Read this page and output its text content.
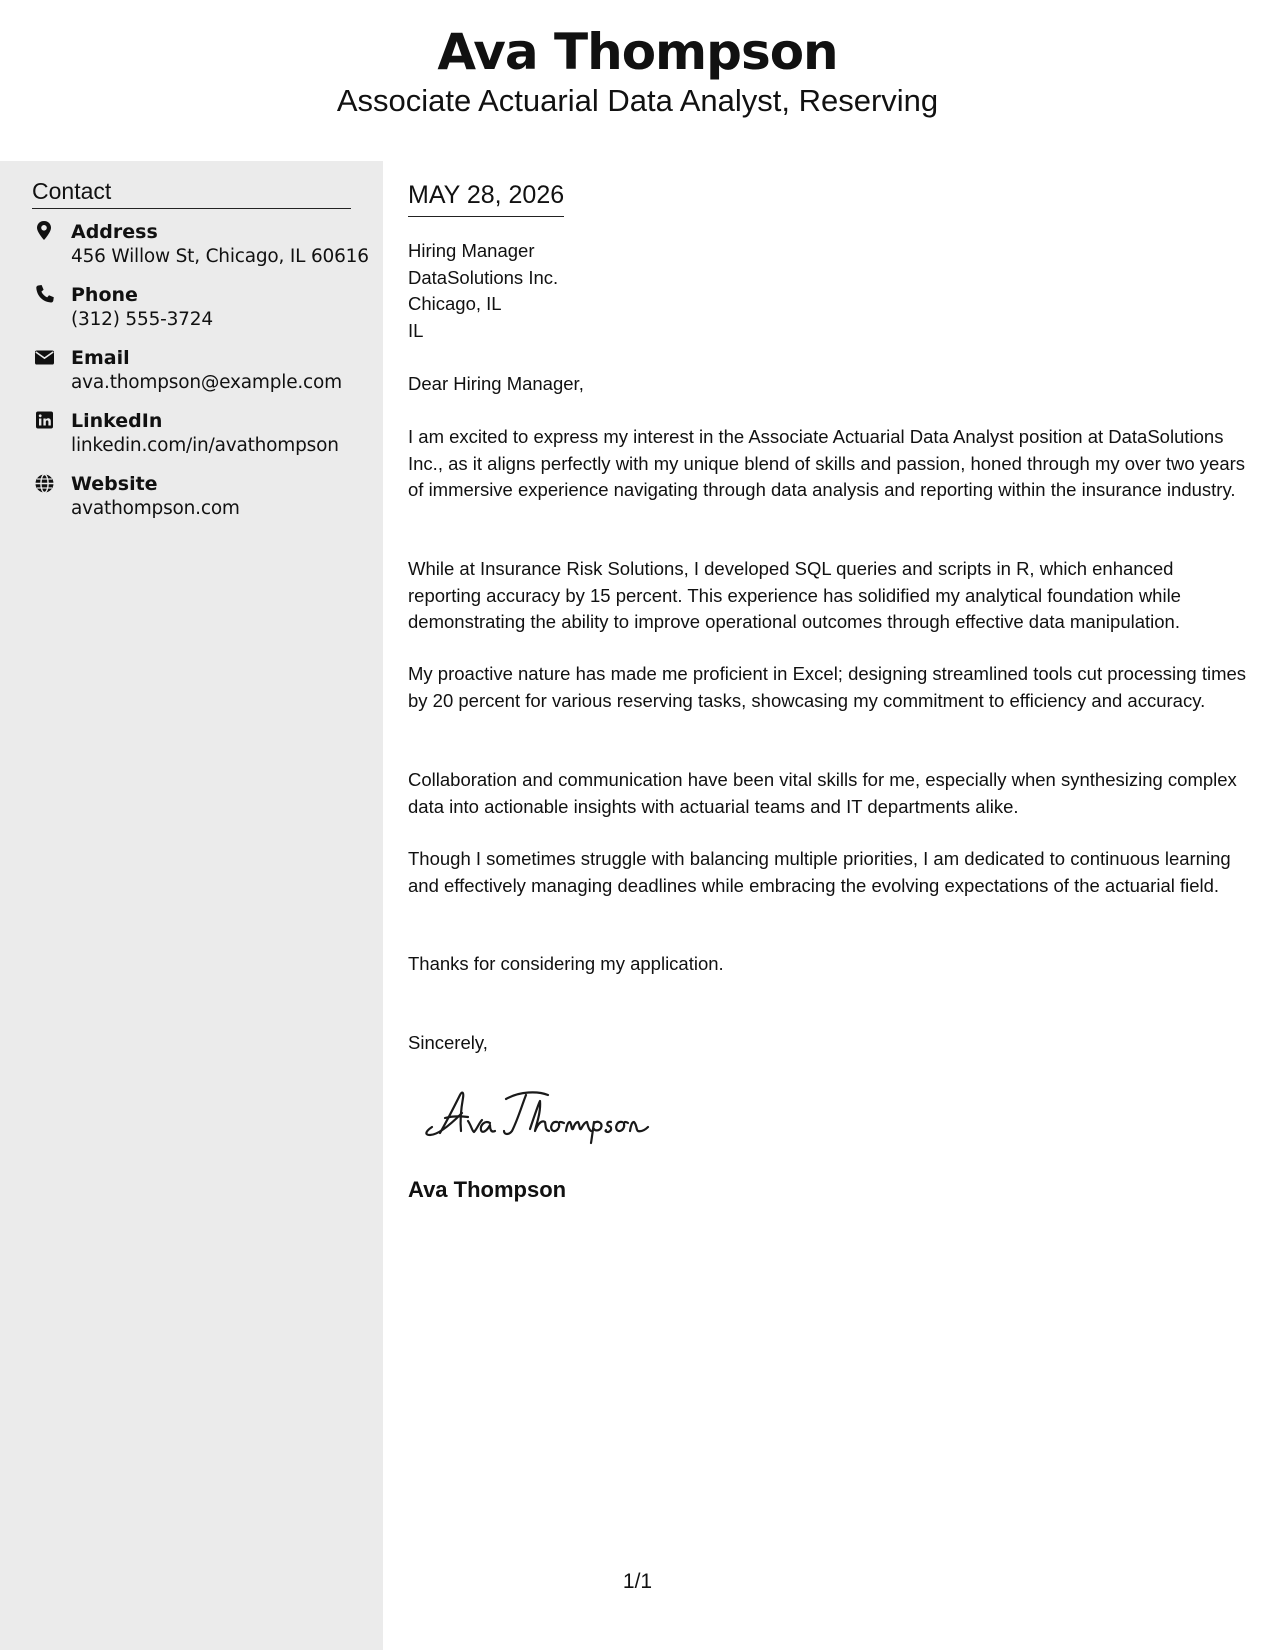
Ava Thompson
Associate Actuarial Data Analyst, Reserving
Contact
Address
456 Willow St, Chicago, IL 60616
Phone
(312) 555-3724
Email
ava.thompson@example.com
LinkedIn
linkedin.com/in/avathompson
Website
avathompson.com
MAY 28, 2026
Hiring Manager
DataSolutions Inc.
Chicago, IL
IL

Dear Hiring Manager,

I am excited to express my interest in the Associate Actuarial Data Analyst position at DataSolutions Inc., as it aligns perfectly with my unique blend of skills and passion, honed through my over two years of immersive experience navigating through data analysis and reporting within the insurance industry.

While at Insurance Risk Solutions, I developed SQL queries and scripts in R, which enhanced reporting accuracy by 15 percent. This experience has solidified my analytical foundation while demonstrating the ability to improve operational outcomes through effective data manipulation.

My proactive nature has made me proficient in Excel; designing streamlined tools cut processing times by 20 percent for various reserving tasks, showcasing my commitment to efficiency and accuracy.

Collaboration and communication have been vital skills for me, especially when synthesizing complex data into actionable insights with actuarial teams and IT departments alike.

Though I sometimes struggle with balancing multiple priorities, I am dedicated to continuous learning and effectively managing deadlines while embracing the evolving expectations of the actuarial field.

Thanks for considering my application.

Sincerely,

Ava Thompson
1/1
